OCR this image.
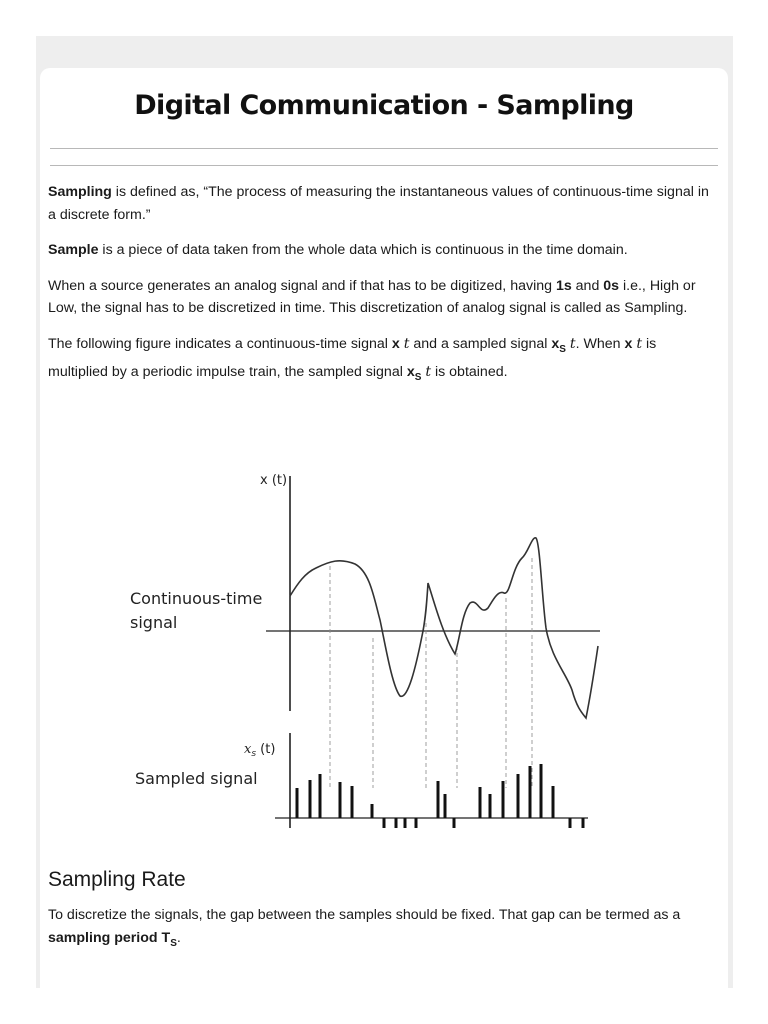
Digital Communication - Sampling

Sampling is defined as, “The process of measuring the instantaneous values of continuous-time signal in a discrete form.”

Sample is a piece of data taken from the whole data which is continuous in the time domain.

When a source generates an analog signal and if that has to be digitized, having 1s and 0s i.e., High or Low, the signal has to be discretized in time. This discretization of analog signal is called as Sampling.

The following figure indicates a continuous-time signal x t and a sampled signal $x_S$ t. When x t is multiplied by a periodic impulse train, the sampled signal $x_S$ t is obtained.

Continuous-time
signal
x (t)
Sampled signal
$x_s$ (t)
Sampling Rate

To discretize the signals, the gap between the samples should be fixed. That gap can be termed as a sampling period $T_S$.
